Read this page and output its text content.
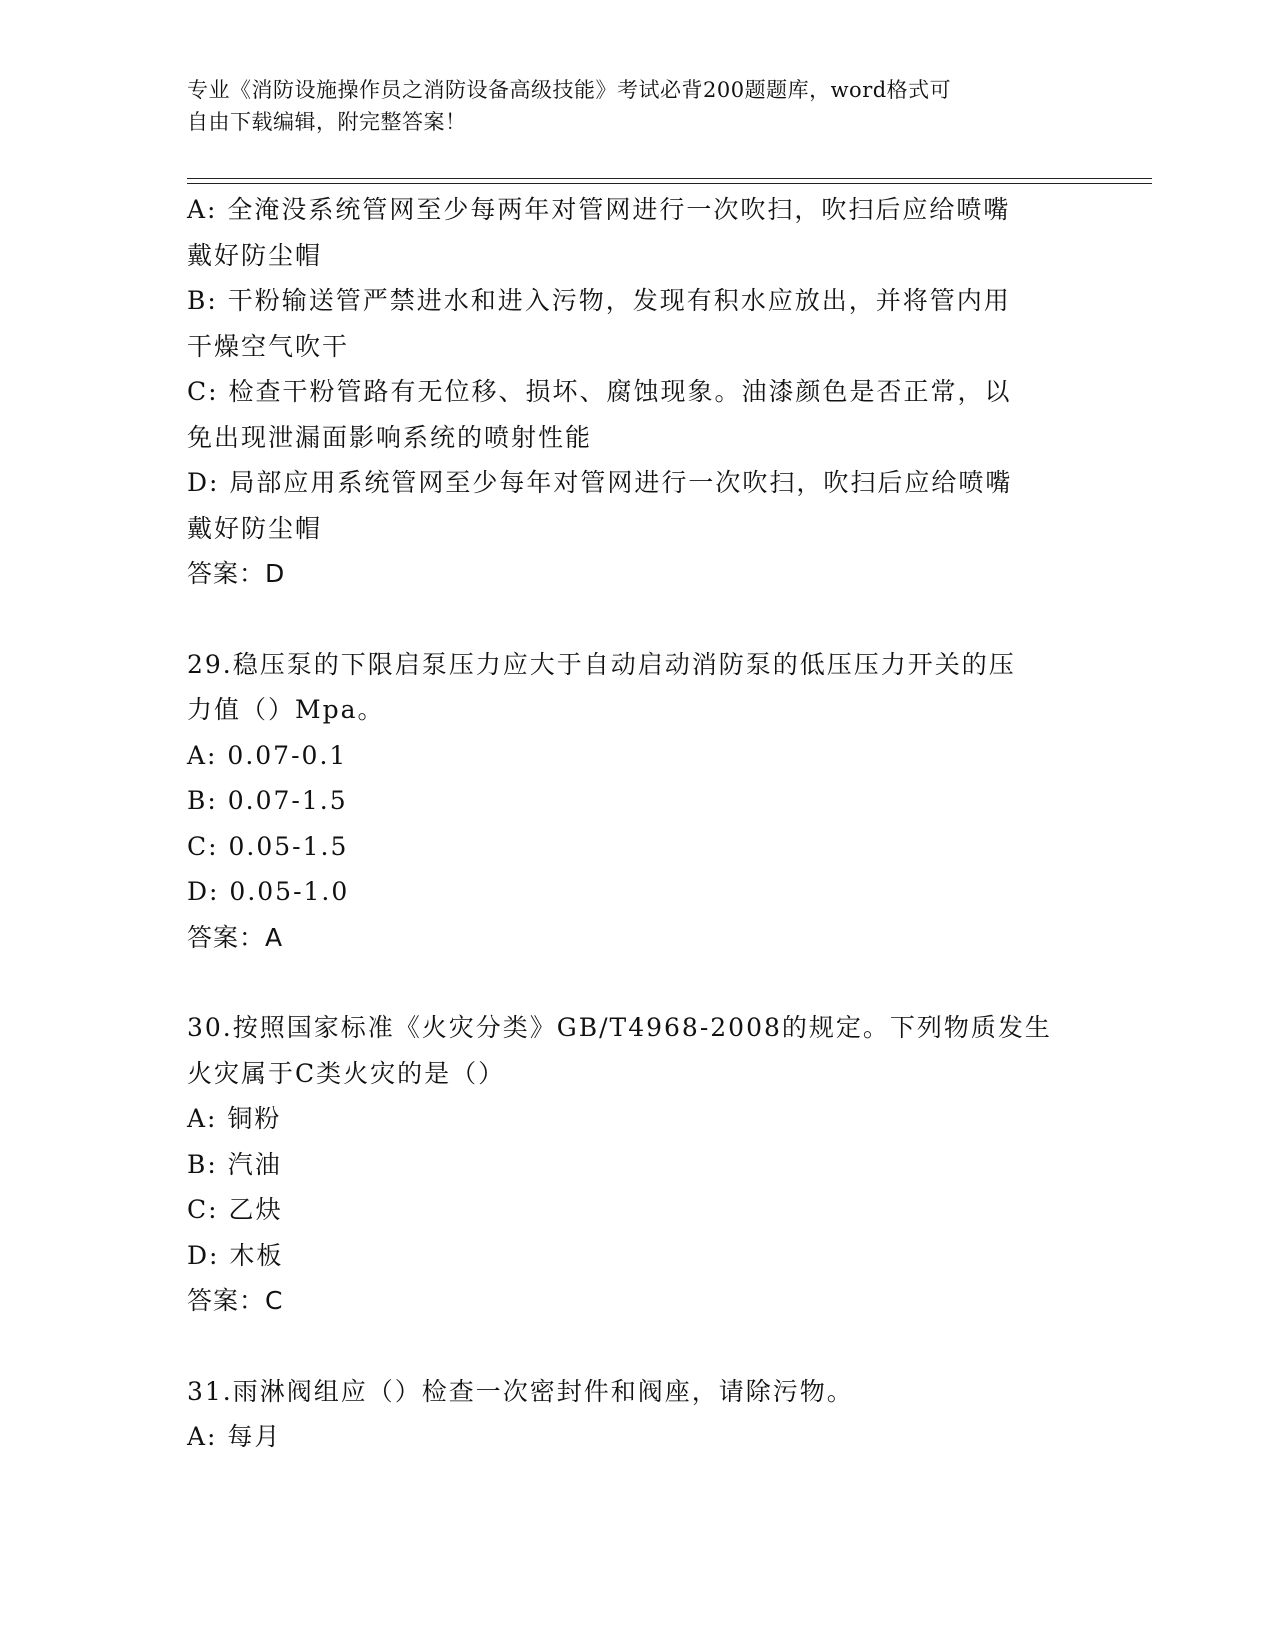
专业《消防设施操作员之消防设备高级技能》考试必背200题题库，word格式可
自由下载编辑，附完整答案！
A: 全淹没系统管网至少每两年对管网进行一次吹扫，吹扫后应给喷嘴
戴好防尘帽
B: 干粉输送管严禁进水和进入污物，发现有积水应放出，并将管内用
干燥空气吹干
C: 检查干粉管路有无位移、损坏、腐蚀现象。油漆颜色是否正常，以
免出现泄漏面影响系统的喷射性能
D: 局部应用系统管网至少每年对管网进行一次吹扫，吹扫后应给喷嘴
戴好防尘帽
答案：D
29.稳压泵的下限启泵压力应大于自动启动消防泵的低压压力开关的压
力值（）Mpa。
A: 0.07-0.1
B: 0.07-1.5
C: 0.05-1.5
D: 0.05-1.0
答案：A
30.按照国家标准《火灾分类》GB/T4968-2008的规定。下列物质发生
火灾属于C类火灾的是（）
A: 铜粉
B: 汽油
C: 乙炔
D: 木板
答案：C
31.雨淋阀组应（）检查一次密封件和阀座，请除污物。
A: 每月
